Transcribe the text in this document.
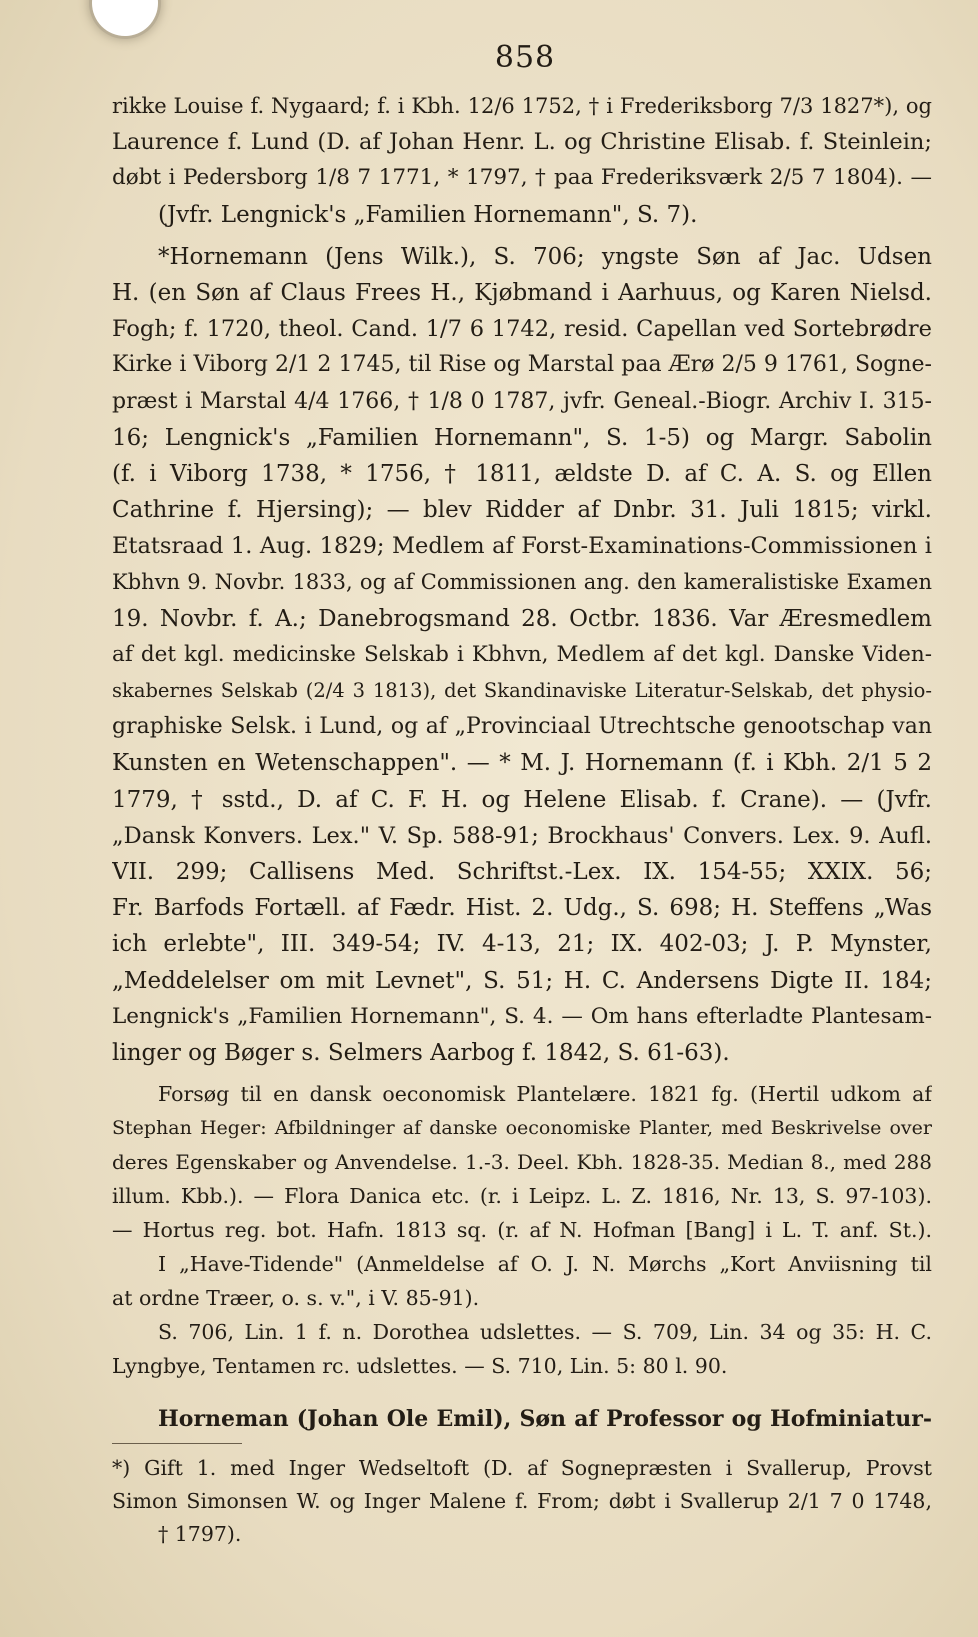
858
rikke Louise f. Nygaard; f. i Kbh. 12/6 1752, † i Frederiksborg 7/3 1827*), og
Laurence f. Lund (D. af Johan Henr. L. og Christine Elisab. f. Steinlein;
døbt i Pedersborg 1/8 7 1771, * 1797, † paa Frederiksværk 2/5 7 1804). —
(Jvfr. Lengnick's „Familien Hornemann", S. 7).
*Hornemann (Jens Wilk.), S. 706; yngste Søn af Jac. Udsen
H. (en Søn af Claus Frees H., Kjøbmand i Aarhuus, og Karen Nielsd.
Fogh; f. 1720, theol. Cand. 1/7 6 1742, resid. Capellan ved Sortebrødre
Kirke i Viborg 2/1 2 1745, til Rise og Marstal paa Ærø 2/5 9 1761, Sogne-
præst i Marstal 4/4 1766, † 1/8 0 1787, jvfr. Geneal.-Biogr. Archiv I. 315-
16; Lengnick's „Familien Hornemann", S. 1-5) og Margr. Sabolin
(f. i Viborg 1738, * 1756, † 1811, ældste D. af C. A. S. og Ellen
Cathrine f. Hjersing); — blev Ridder af Dnbr. 31. Juli 1815; virkl.
Etatsraad 1. Aug. 1829; Medlem af Forst-Examinations-Commissionen i
Kbhvn 9. Novbr. 1833, og af Commissionen ang. den kameralistiske Examen
19. Novbr. f. A.; Danebrogsmand 28. Octbr. 1836. Var Æresmedlem
af det kgl. medicinske Selskab i Kbhvn, Medlem af det kgl. Danske Viden-
skabernes Selskab (2/4 3 1813), det Skandinaviske Literatur-Selskab, det physio-
graphiske Selsk. i Lund, og af „Provinciaal Utrechtsche genootschap van
Kunsten en Wetenschappen". — * M. J. Hornemann (f. i Kbh. 2/1 5 2
1779, † sstd., D. af C. F. H. og Helene Elisab. f. Crane). — (Jvfr.
„Dansk Konvers. Lex." V. Sp. 588-91; Brockhaus' Convers. Lex. 9. Aufl.
VII. 299; Callisens Med. Schriftst.-Lex. IX. 154-55; XXIX. 56;
Fr. Barfods Fortæll. af Fædr. Hist. 2. Udg., S. 698; H. Steffens „Was
ich erlebte", III. 349-54; IV. 4-13, 21; IX. 402-03; J. P. Mynster,
„Meddelelser om mit Levnet", S. 51; H. C. Andersens Digte II. 184;
Lengnick's „Familien Hornemann", S. 4. — Om hans efterladte Plantesam-
linger og Bøger s. Selmers Aarbog f. 1842, S. 61-63).
Forsøg til en dansk oeconomisk Plantelære. 1821 fg. (Hertil udkom af
Stephan Heger: Afbildninger af danske oeconomiske Planter, med Beskrivelse over
deres Egenskaber og Anvendelse. 1.-3. Deel. Kbh. 1828-35. Median 8., med 288
illum. Kbb.). — Flora Danica etc. (r. i Leipz. L. Z. 1816, Nr. 13, S. 97-103).
— Hortus reg. bot. Hafn. 1813 sq. (r. af N. Hofman [Bang] i L. T. anf. St.).
I „Have-Tidende" (Anmeldelse af O. J. N. Mørchs „Kort Anviisning til
at ordne Træer, o. s. v.", i V. 85-91).
S. 706, Lin. 1 f. n. Dorothea udslettes. — S. 709, Lin. 34 og 35: H. C.
Lyngbye, Tentamen rc. udslettes. — S. 710, Lin. 5: 80 l. 90.
Horneman (Johan Ole Emil), Søn af Professor og Hofminiatur-
*) Gift 1. med Inger Wedseltoft (D. af Sognepræsten i Svallerup, Provst
Simon Simonsen W. og Inger Malene f. From; døbt i Svallerup 2/1 7 0 1748,
† 1797).
